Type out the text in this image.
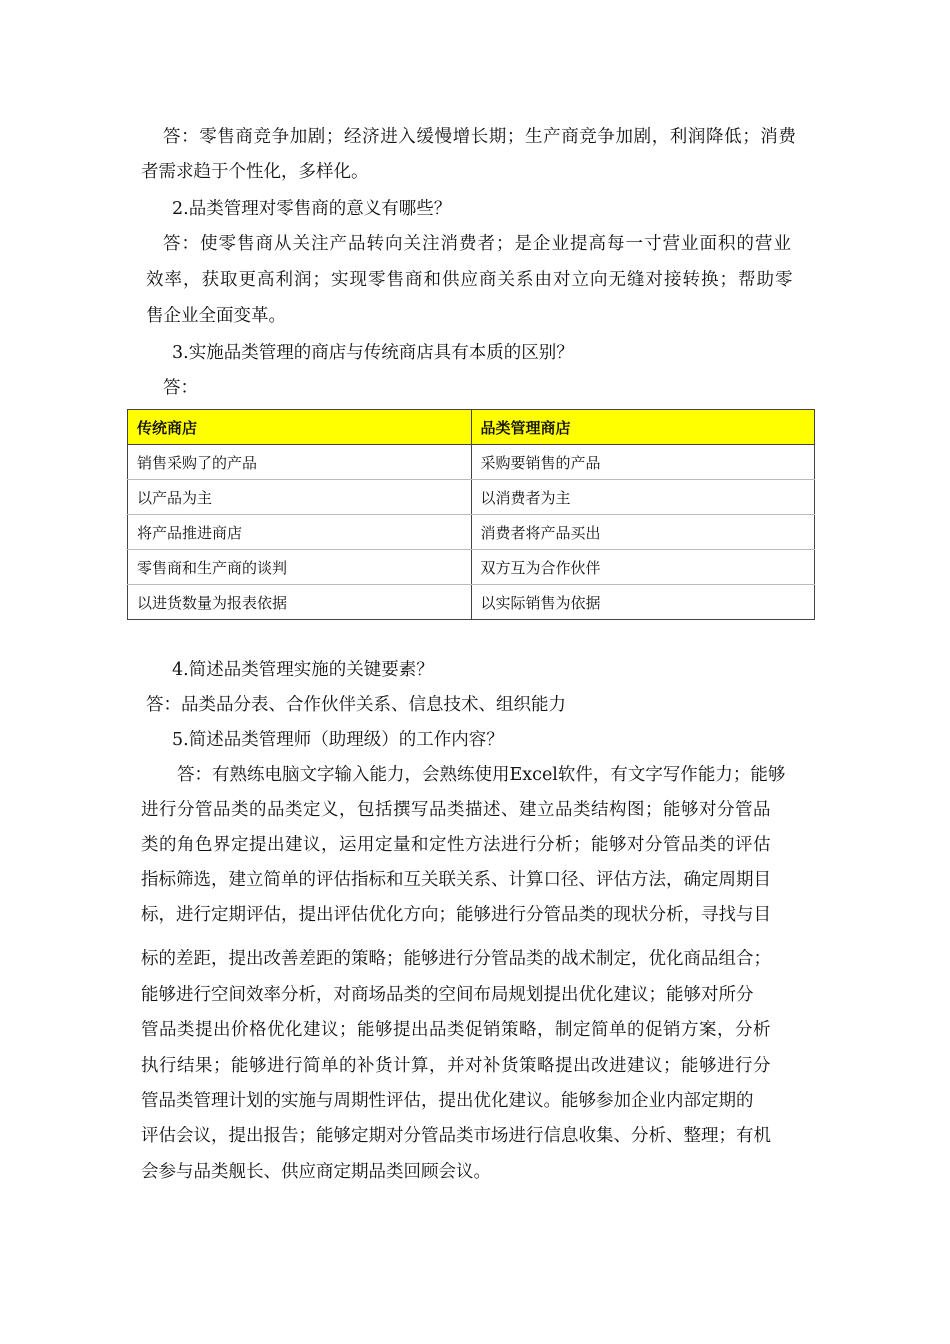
答：零售商竞争加剧；经济进入缓慢增长期；生产商竞争加剧，利润降低；消费
者需求趋于个性化，多样化。
2.品类管理对零售商的意义有哪些？
答：使零售商从关注产品转向关注消费者；是企业提高每一寸营业面积的营业
效率，获取更高利润；实现零售商和供应商关系由对立向无缝对接转换；帮助零
售企业全面变革。
3.实施品类管理的商店与传统商店具有本质的区别？
答：
传统商店	品类管理商店
销售采购了的产品	采购要销售的产品
以产品为主	以消费者为主
将产品推进商店	消费者将产品买出
零售商和生产商的谈判	双方互为合作伙伴
以进货数量为报表依据	以实际销售为依据
4.简述品类管理实施的关键要素？
答：品类品分表、合作伙伴关系、信息技术、组织能力
5.简述品类管理师（助理级）的工作内容？
答：有熟练电脑文字输入能力，会熟练使用Excel软件，有文字写作能力；能够
进行分管品类的品类定义，包括撰写品类描述、建立品类结构图；能够对分管品
类的角色界定提出建议，运用定量和定性方法进行分析；能够对分管品类的评估
指标筛选，建立简单的评估指标和互关联关系、计算口径、评估方法，确定周期目
标，进行定期评估，提出评估优化方向；能够进行分管品类的现状分析，寻找与目
标的差距，提出改善差距的策略；能够进行分管品类的战术制定，优化商品组合；
能够进行空间效率分析，对商场品类的空间布局规划提出优化建议；能够对所分
管品类提出价格优化建议；能够提出品类促销策略，制定简单的促销方案，分析
执行结果；能够进行简单的补货计算，并对补货策略提出改进建议；能够进行分
管品类管理计划的实施与周期性评估，提出优化建议。能够参加企业内部定期的
评估会议，提出报告；能够定期对分管品类市场进行信息收集、分析、整理；有机
会参与品类舰长、供应商定期品类回顾会议。
